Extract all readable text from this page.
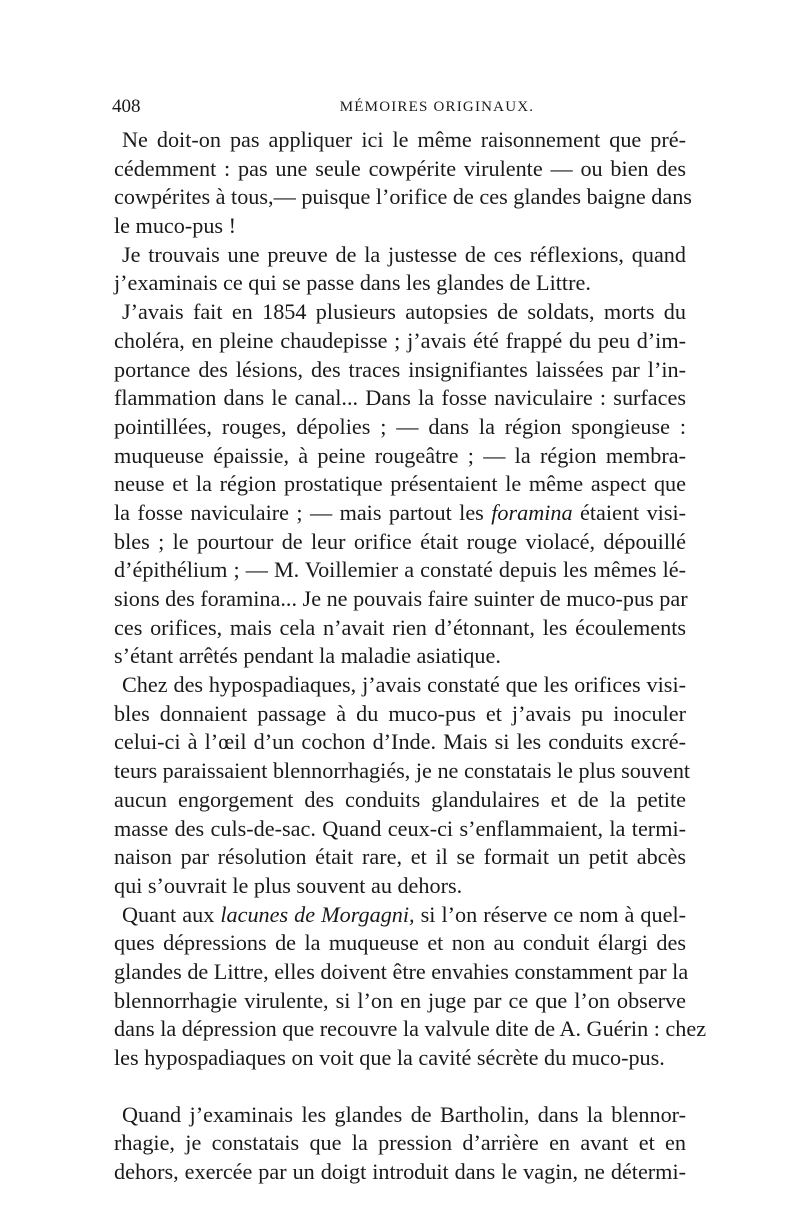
408	MÉMOIRES ORIGINAUX.

Ne doit-on pas appliquer ici le même raisonnement que pré-
cédemment : pas une seule cowpérite virulente — ou bien des
cowpérites à tous,— puisque l’orifice de ces glandes baigne dans
le muco-pus !

Je trouvais une preuve de la justesse de ces réflexions, quand
j’examinais ce qui se passe dans les glandes de Littre.

J’avais fait en 1854 plusieurs autopsies de soldats, morts du
choléra, en pleine chaudepisse ; j’avais été frappé du peu d’im-
portance des lésions, des traces insignifiantes laissées par l’in-
flammation dans le canal... Dans la fosse naviculaire : surfaces
pointillées, rouges, dépolies ; — dans la région spongieuse :
muqueuse épaissie, à peine rougeâtre ; — la région membra-
neuse et la région prostatique présentaient le même aspect que
la fosse naviculaire ; — mais partout les foramina étaient visi-
bles ; le pourtour de leur orifice était rouge violacé, dépouillé
d’épithélium ; — M. Voillemier a constaté depuis les mêmes lé-
sions des foramina... Je ne pouvais faire suinter de muco-pus par
ces orifices, mais cela n’avait rien d’étonnant, les écoulements
s’étant arrêtés pendant la maladie asiatique.

Chez des hypospadiaques, j’avais constaté que les orifices visi-
bles donnaient passage à du muco-pus et j’avais pu inoculer
celui-ci à l’œil d’un cochon d’Inde. Mais si les conduits excré-
teurs paraissaient blennorrhagiés, je ne constatais le plus souvent
aucun engorgement des conduits glandulaires et de la petite
masse des culs-de-sac. Quand ceux-ci s’enflammaient, la termi-
naison par résolution était rare, et il se formait un petit abcès
qui s’ouvrait le plus souvent au dehors.

Quant aux lacunes de Morgagni, si l’on réserve ce nom à quel-
ques dépressions de la muqueuse et non au conduit élargi des
glandes de Littre, elles doivent être envahies constamment par la
blennorrhagie virulente, si l’on en juge par ce que l’on observe
dans la dépression que recouvre la valvule dite de A. Guérin : chez
les hypospadiaques on voit que la cavité sécrète du muco-pus.

Quand j’examinais les glandes de Bartholin, dans la blennor-
rhagie, je constatais que la pression d’arrière en avant et en
dehors, exercée par un doigt introduit dans le vagin, ne détermi-
